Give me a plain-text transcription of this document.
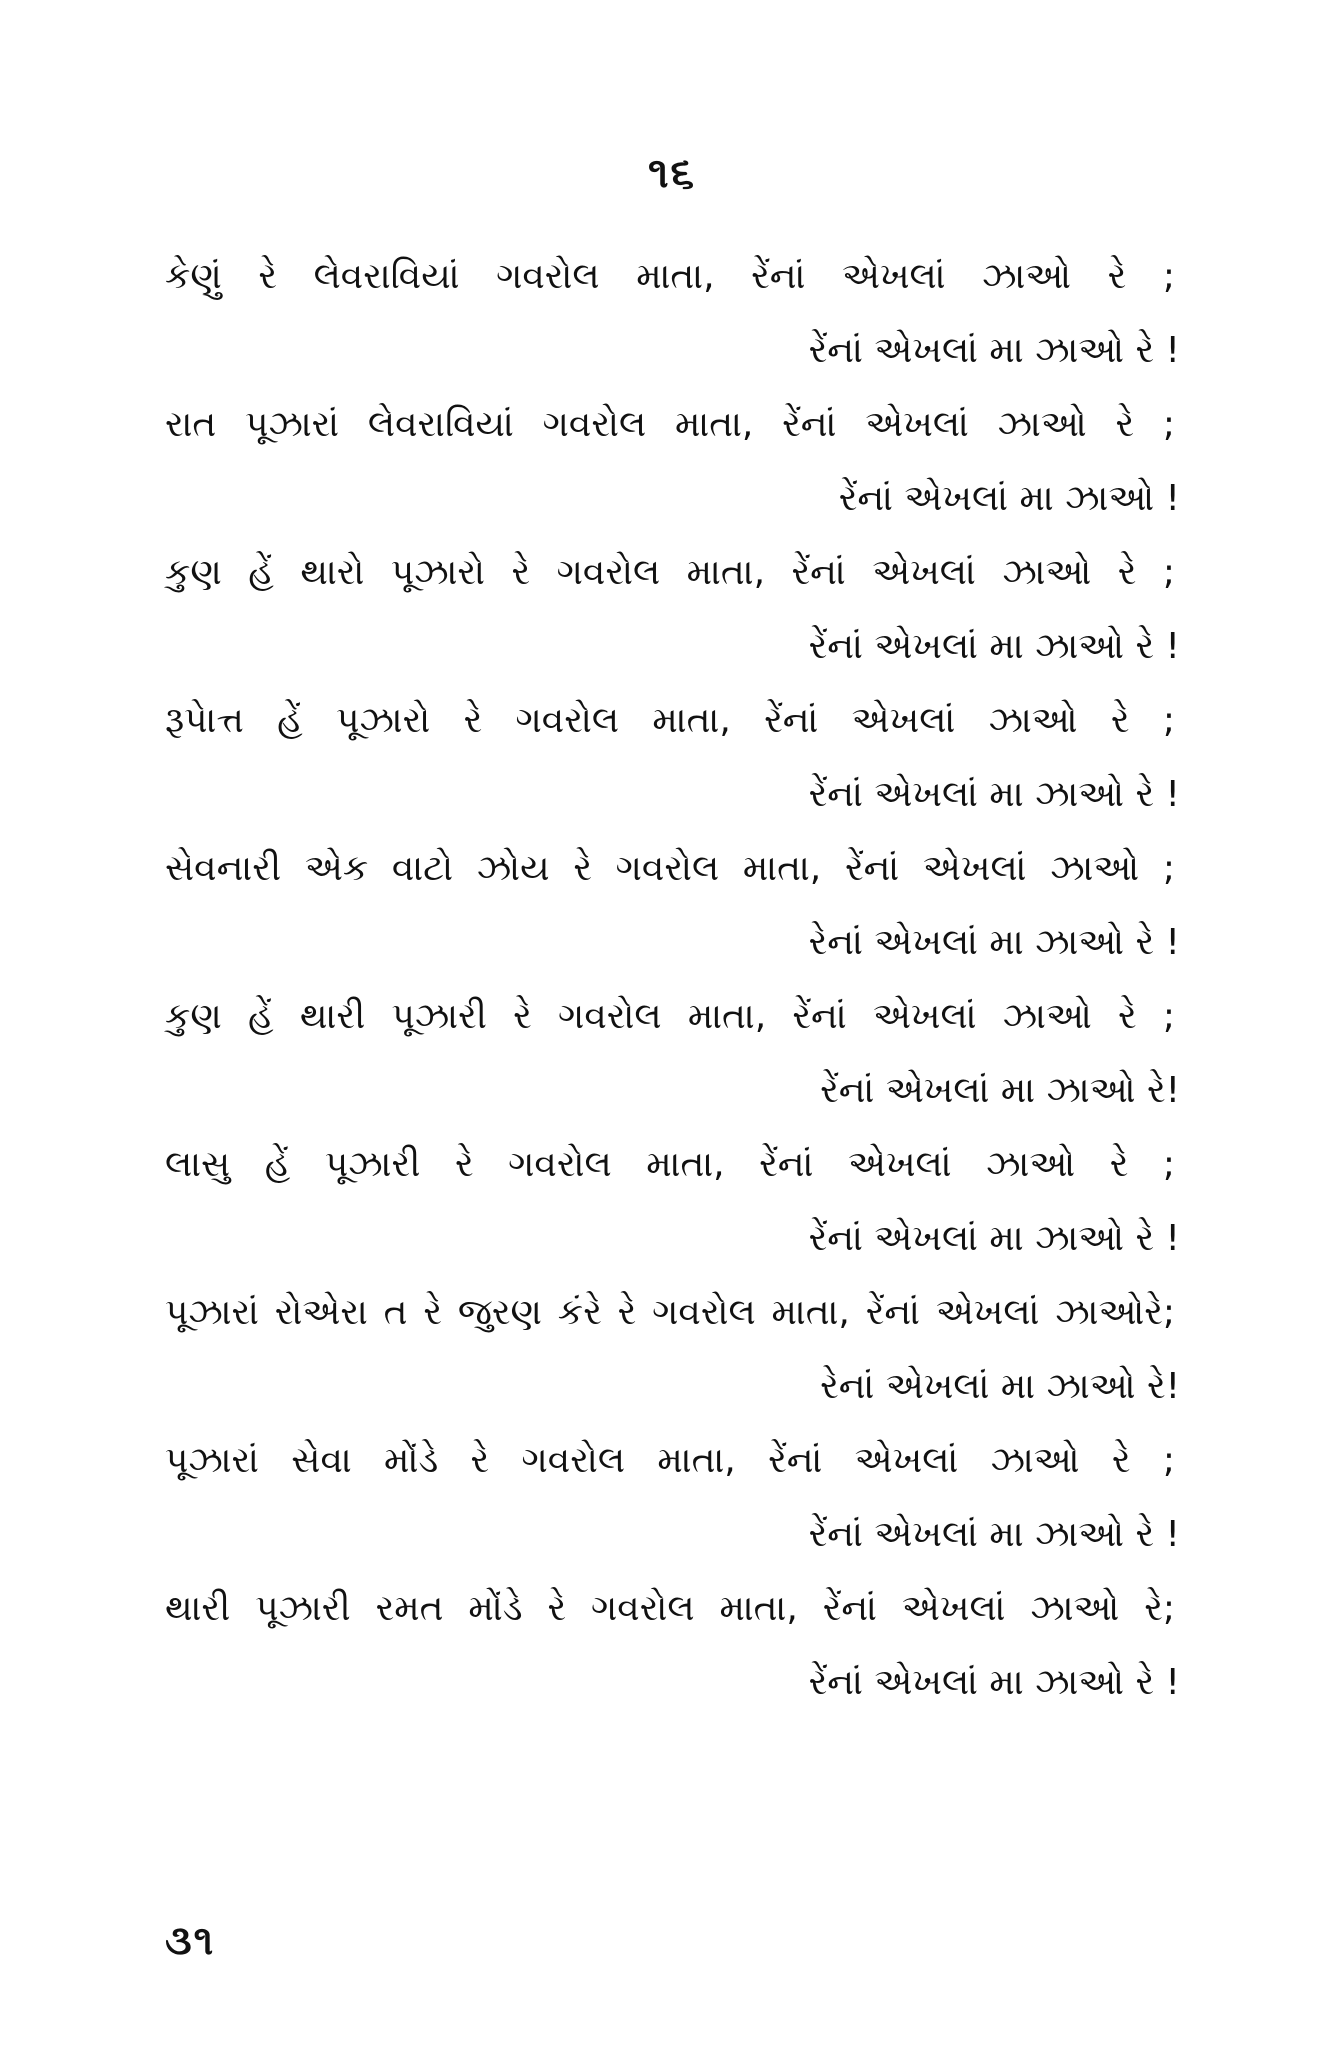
૧૬
કેણું રે લેવરાવિયાં ગવરોલ માતા, રેંનાં એખલાં ઝાઓ રે ;
રેંનાં એખલાં મા ઝાઓ રે !
રાત પૂઝારાં લેવરાવિયાં ગવરોલ માતા, રેંનાં એખલાં ઝાઓ રે ;
રેંનાં એખલાં મા ઝાઓ !
કુણ હેં થારો પૂઝારો રે ગવરોલ માતા, રેંનાં એખલાં ઝાઓ રે ;
રેંનાં એખલાં મા ઝાઓ રે !
રૂપેાત્ત હેં પૂઝારો રે ગવરોલ માતા, રેંનાં એખલાં ઝાઓ રે ;
રેંનાં એખલાં મા ઝાઓ રે !
સેવનારી એક વાટો ઝોય રે ગવરોલ માતા, રેંનાં એખલાં ઝાઓ ;
રેનાં એખલાં મા ઝાઓ રે !
કુણ હેં થારી પૂઝારી રે ગવરોલ માતા, રેંનાં એખલાં ઝાઓ રે ;
રેંનાં એખલાં મા ઝાઓ રે!
લાસુ હેં પૂઝારી રે ગવરોલ માતા, રેંનાં એખલાં ઝાઓ રે ;
રેંનાં એખલાં મા ઝાઓ રે !
પૂઝારાં રોએરા ત રે જુરણ કંરે રે ગવરોલ માતા, રેંનાં એખલાં ઝાઓરે;
રેનાં એખલાં મા ઝાઓ રે!
પૂઝારાં સેવા મોંડે રે ગવરોલ માતા, રેંનાં એખલાં ઝાઓ રે ;
રેંનાં એખલાં મા ઝાઓ રે !
થારી પૂઝારી રમત મોંડે રે ગવરોલ માતા, રેંનાં એખલાં ઝાઓ રે;
રેંનાં એખલાં મા ઝાઓ રે !
૩૧
